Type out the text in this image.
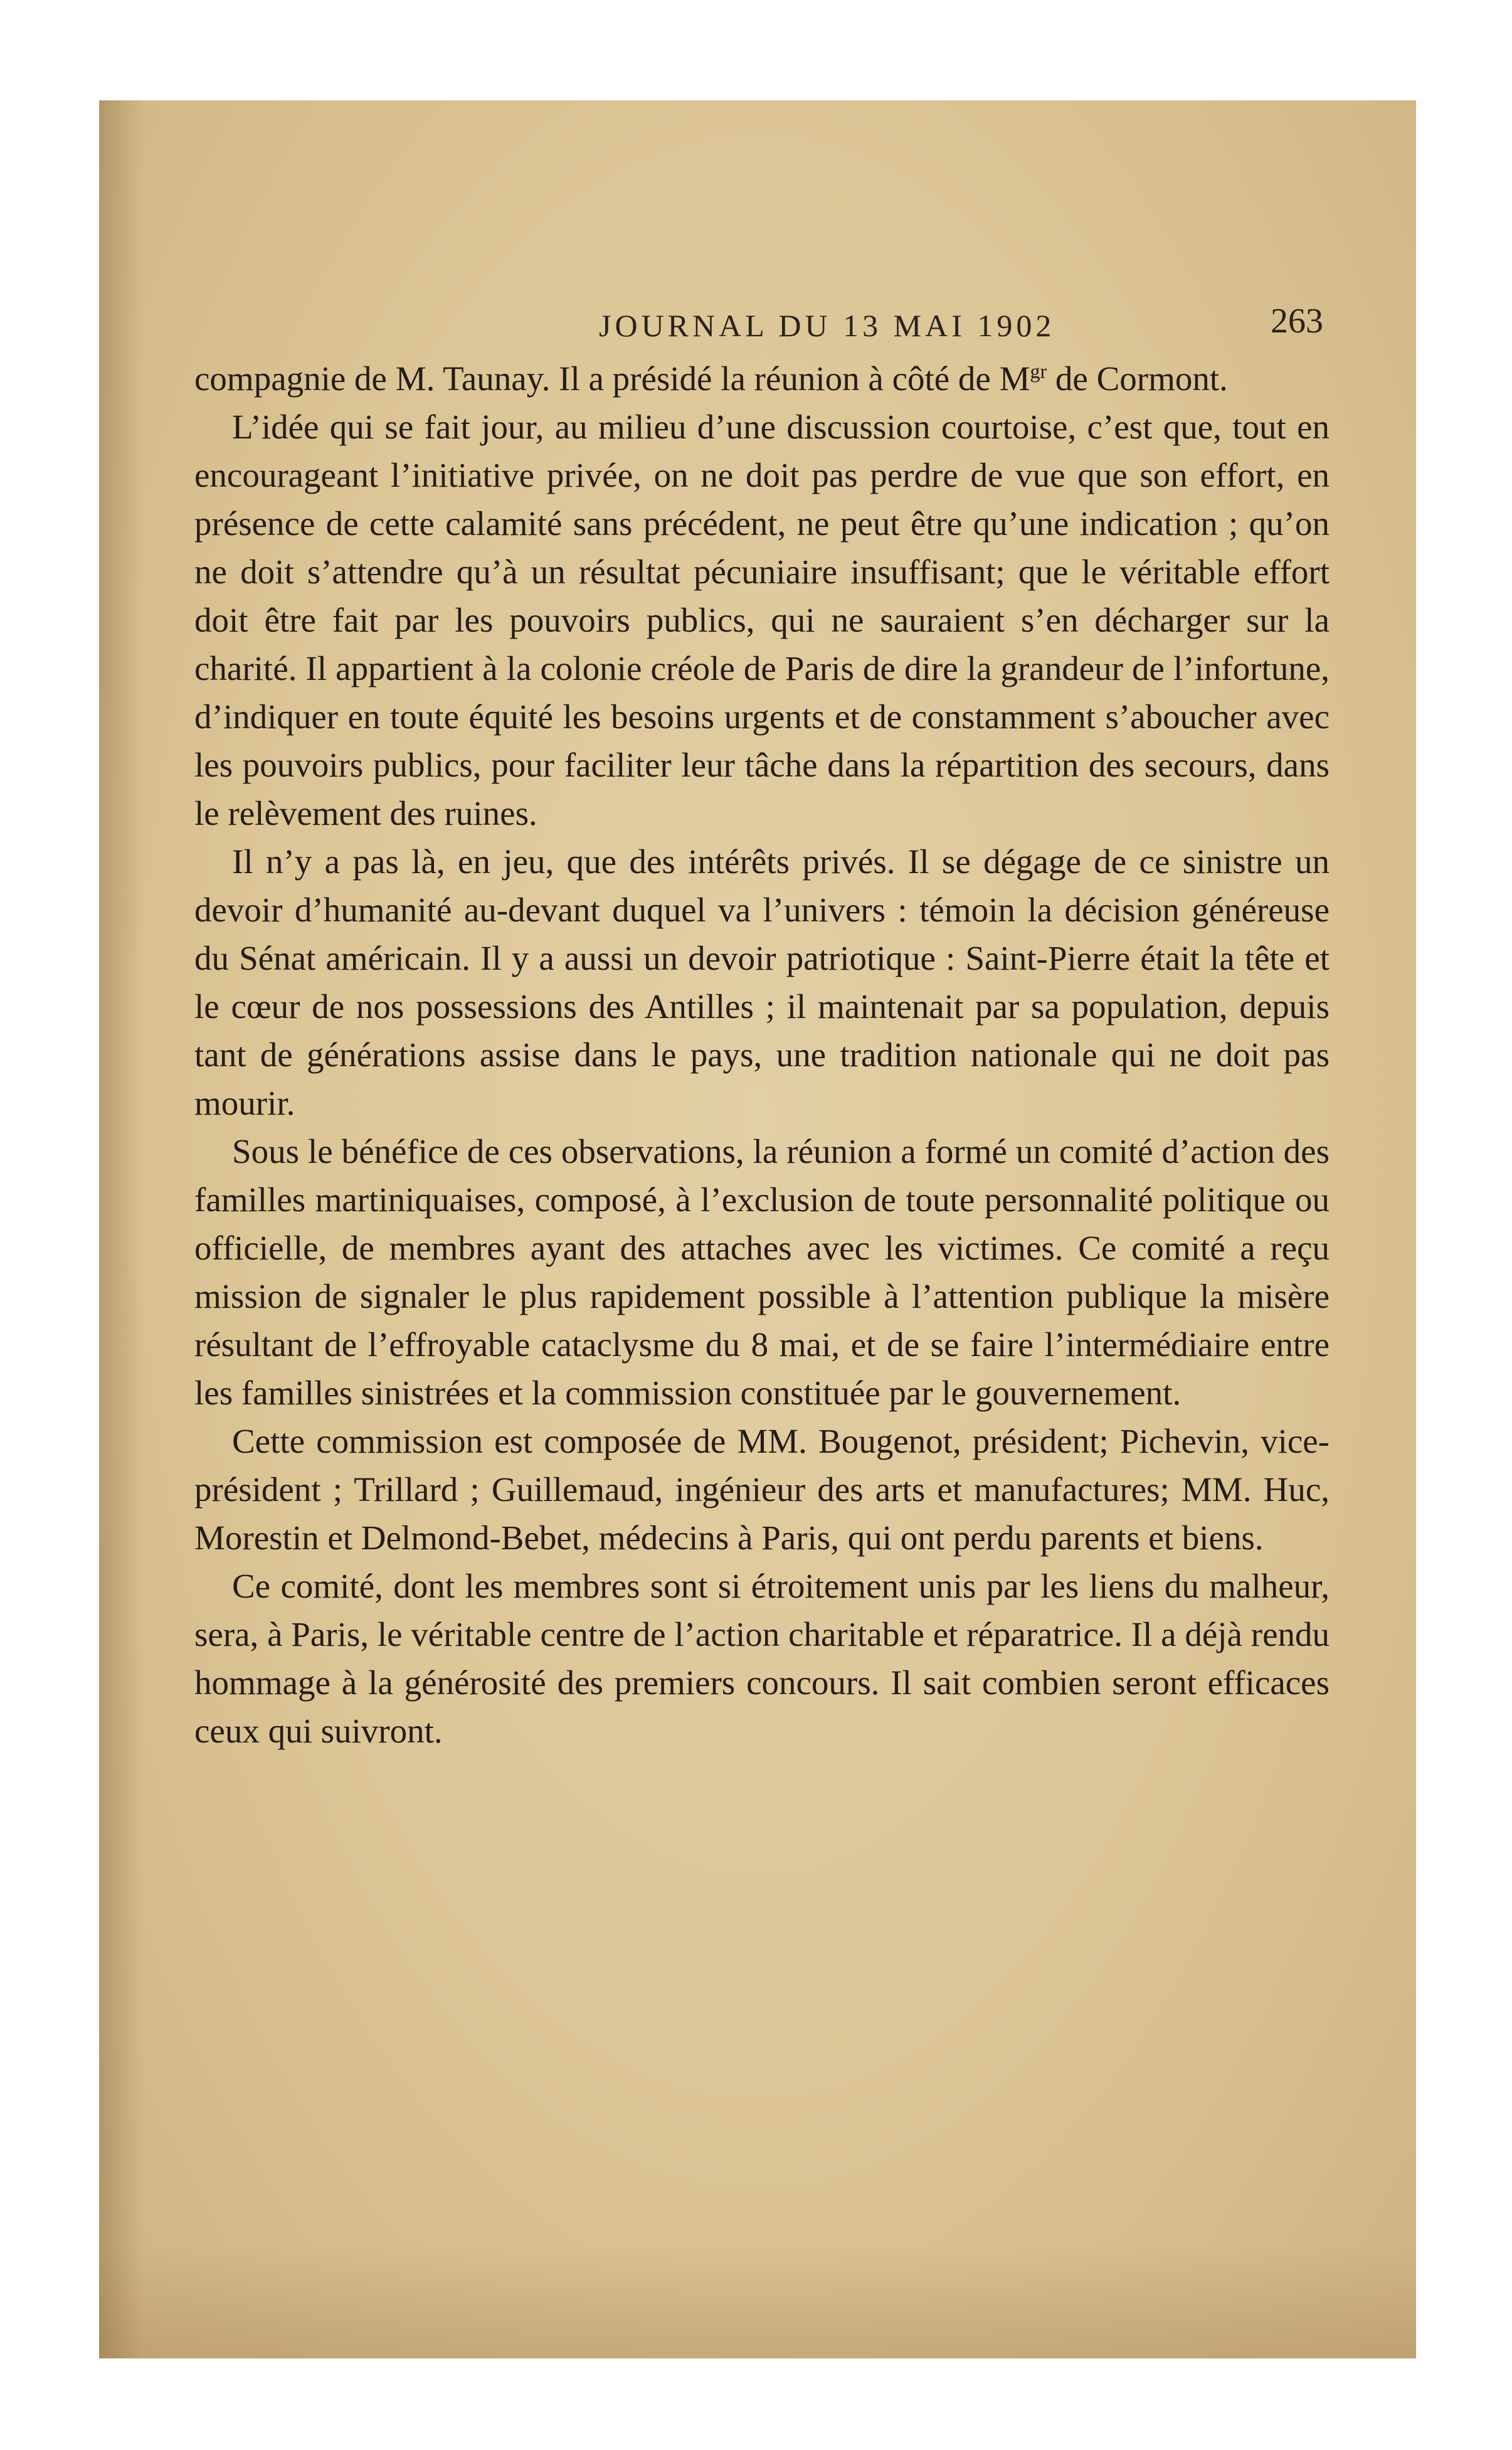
JOURNAL DU 13 MAI 1902	263

compagnie de M. Taunay. Il a présidé la réunion à côté de $M^{gr}$ de Cormont.

L’idée qui se fait jour, au milieu d’une discussion courtoise, c’est que, tout en encourageant l’initiative privée, on ne doit pas perdre de vue que son effort, en présence de cette calamité sans précédent, ne peut être qu’une indication ; qu’on ne doit s’attendre qu’à un résultat pécuniaire insuffisant; que le véritable effort doit être fait par les pouvoirs publics, qui ne sauraient s’en décharger sur la charité. Il appartient à la colonie créole de Paris de dire la grandeur de l’infortune, d’indiquer en toute équité les besoins urgents et de constamment s’aboucher avec les pouvoirs publics, pour faciliter leur tâche dans la répartition des secours, dans le relèvement des ruines.

Il n’y a pas là, en jeu, que des intérêts privés. Il se dégage de ce sinistre un devoir d’humanité au-devant duquel va l’univers : témoin la décision généreuse du Sénat américain. Il y a aussi un devoir patriotique : Saint-Pierre était la tête et le cœur de nos possessions des Antilles ; il maintenait par sa population, depuis tant de générations assise dans le pays, une tradition nationale qui ne doit pas mourir.

Sous le bénéfice de ces observations, la réunion a formé un comité d’action des familles martiniquaises, composé, à l’exclusion de toute personnalité politique ou officielle, de membres ayant des attaches avec les victimes. Ce comité a reçu mission de signaler le plus rapidement possible à l’attention publique la misère résultant de l’effroyable cataclysme du 8 mai, et de se faire l’intermédiaire entre les familles sinistrées et la commission constituée par le gouvernement.

Cette commission est composée de MM. Bougenot, président; Pichevin, vice-président ; Trillard ; Guillemaud, ingénieur des arts et manufactures; MM. Huc, Morestin et Delmond-Bebet, médecins à Paris, qui ont perdu parents et biens.

Ce comité, dont les membres sont si étroitement unis par les liens du malheur, sera, à Paris, le véritable centre de l’action charitable et réparatrice. Il a déjà rendu hommage à la générosité des premiers concours. Il sait combien seront efficaces ceux qui suivront.
